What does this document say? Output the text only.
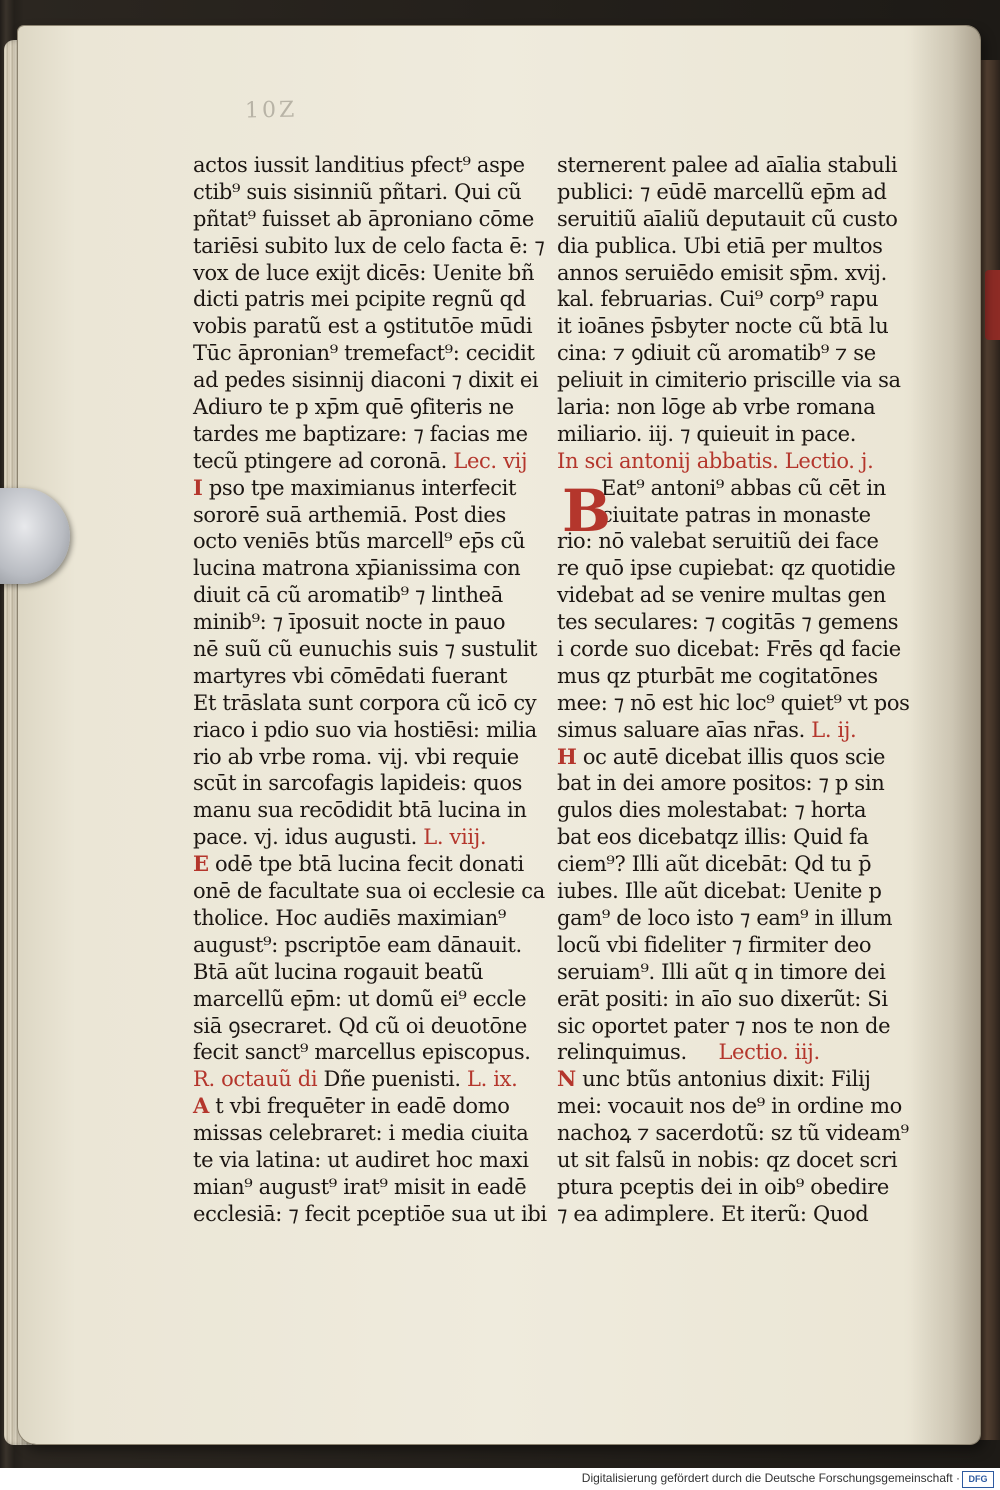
10Z
actos iussit landitius pfect⁹ aspe
ctib⁹ suis sisinniũ pñtari. Qui cũ
pñtat⁹ fuisset ab āproniano cōme
tariēsi subito lux de celo facta ē: ⁊
vox de luce exijt dicēs: Uenite bñ
dicti patris mei pcipite regnũ qd
vobis paratũ est a ꝯstitutōe mūdi
Tūc āpronian⁹ tremefact⁹: cecidit
ad pedes sisinnij diaconi ⁊ dixit ei
Adiuro te p xp̄m quē ꝯfiteris ne
tardes me baptizare: ⁊ facias me
tecũ ptingere ad coronā. Lec. vij
I pso tpe maximianus interfecit
sororē suā arthemiā. Post dies
octo veniēs btũs marcell⁹ ep̄s cũ
lucina matrona xp̄ianissima con
diuit cā cũ aromatib⁹ ⁊ lintheā
minib⁹: ⁊ īposuit nocte in pauo
nē suũ cũ eunuchis suis ⁊ sustulit
martyres vbi cōmēdati fuerant
Et trāslata sunt corpora cũ icō cy
riaco i pdio suo via hostiēsi: milia
rio ab vrbe roma. vij. vbi requie
scūt in sarcofagis lapideis: quos
manu sua recōdidit btā lucina in
pace. vj. idus augusti. L. viij.
E odē tpe btā lucina fecit donati
onē de facultate sua oi ecclesie ca
tholice. Hoc audiēs maximian⁹
august⁹: pscriptōe eam dānauit.
Btā aũt lucina rogauit beatũ
marcellũ ep̄m: ut domũ ei⁹ eccle
siā ꝯsecraret. Qd cũ oi deuotōne
fecit sanct⁹ marcellus episcopus.
R. octauũ di Dñe puenisti. L. ix.
A t vbi frequēter in eadē domo
missas celebraret: i media ciuita
te via latina: ut audiret hoc maxi
mian⁹ august⁹ irat⁹ misit in eadē
ecclesiā: ⁊ fecit pceptiōe sua ut ibi
sternerent palee ad aīalia stabuli
publici: ⁊ eūdē marcellũ ep̄m ad
seruitiũ aīaliũ deputauit cũ custo
dia publica. Ubi etiā per multos
annos seruiēdo emisit sp̄m. xvij.
kal. februarias. Cui⁹ corp⁹ rapu
it ioānes p̄sbyter nocte cũ btā lu
cina: ⁊ ꝯdiuit cũ aromatib⁹ ⁊ se
peliuit in cimiterio priscille via sa
laria: non lōge ab vrbe romana
miliario. iij. ⁊ quieuit in pace.
In sci antonij abbatis. Lectio. j.
Eat⁹ antoni⁹ abbas cũ cēt in
ciuitate patras in monaste
rio: nō valebat seruitiũ dei face
re quō ipse cupiebat: qz quotidie
videbat ad se venire multas gen
tes seculares: ⁊ cogitās ⁊ gemens
i corde suo dicebat: Frēs qd facie
mus qz pturbāt me cogitatōnes
mee: ⁊ nō est hic loc⁹ quiet⁹ vt pos
simus saluare aīas nr̄as. L. ij.
H oc autē dicebat illis quos scie
bat in dei amore positos: ⁊ p sin
gulos dies molestabat: ⁊ horta
bat eos dicebatqz illis: Quid fa
ciem⁹? Illi aũt dicebāt: Qd tu p̄
iubes. Ille aũt dicebat: Uenite p
gam⁹ de loco isto ⁊ eam⁹ in illum
locũ vbi fideliter ⁊ firmiter deo
seruiam⁹. Illi aũt q in timore dei
erāt positi: in aīo suo dixerũt: Si
sic oportet pater ⁊ nos te non de
relinquimus. Lectio. iij.
N unc btũs antonius dixit: Filij
mei: vocauit nos de⁹ in ordine mo
nachoꝝ ⁊ sacerdotũ: sz tũ videam⁹
ut sit falsũ in nobis: qz docet scri
ptura pceptis dei in oib⁹ obedire
⁊ ea adimplere. Et iterũ: Quod
B
Digitalisierung gefördert durch die Deutsche Forschungsgemeinschaft · DFG
